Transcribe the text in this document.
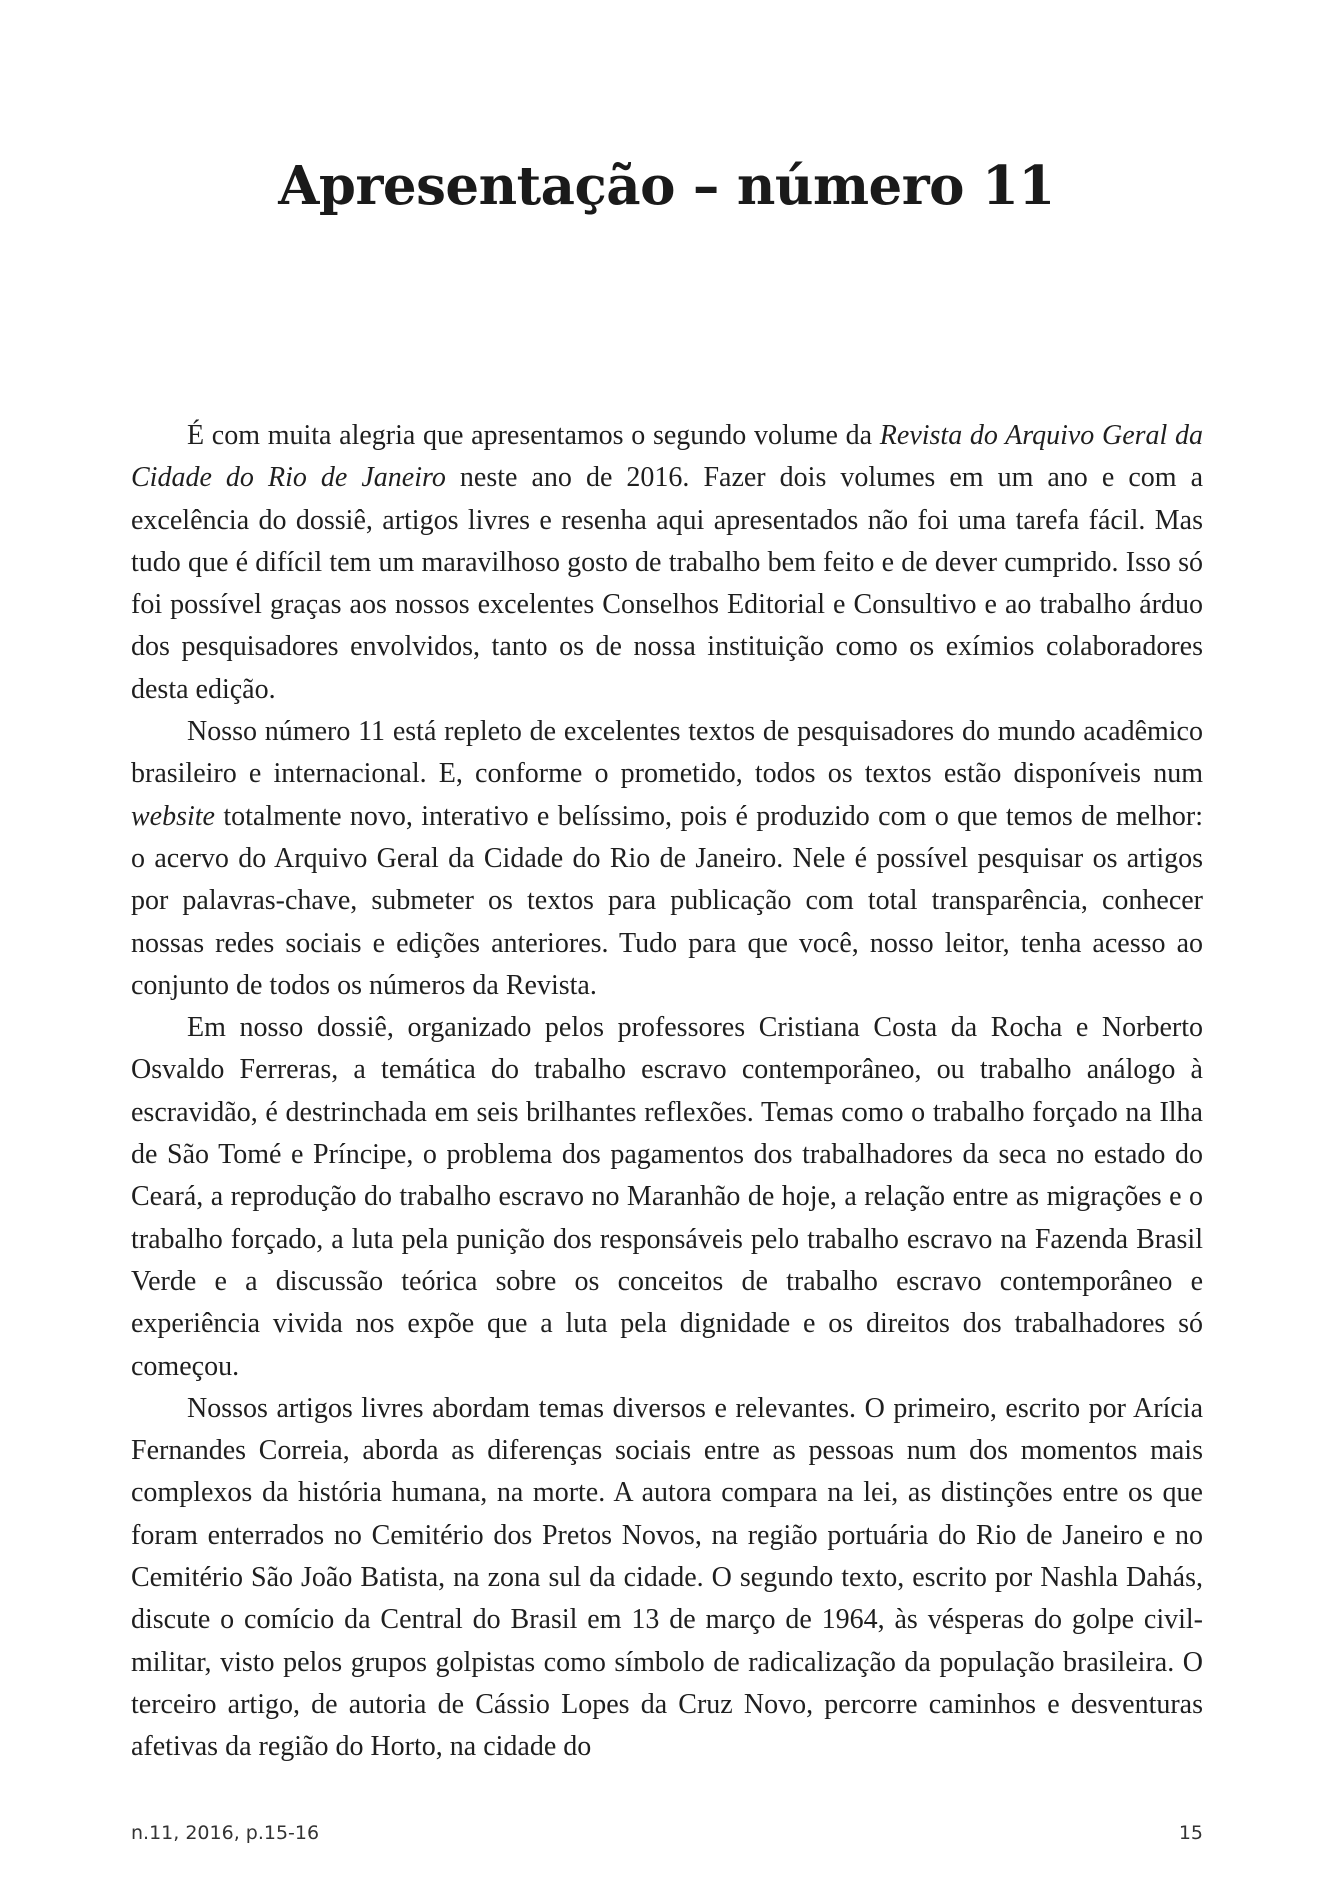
Apresentação – número 11

É com muita alegria que apresentamos o segundo volume da Revista do Arquivo Geral da Cidade do Rio de Janeiro neste ano de 2016. Fazer dois volumes em um ano e com a excelência do dossiê, artigos livres e resenha aqui apresentados não foi uma tarefa fácil. Mas tudo que é difícil tem um maravilhoso gosto de trabalho bem feito e de dever cumprido. Isso só foi possível graças aos nossos excelentes Conselhos Editorial e Consultivo e ao trabalho árduo dos pesquisadores envolvidos, tanto os de nossa instituição como os exímios colaboradores desta edição.

Nosso número 11 está repleto de excelentes textos de pesquisadores do mundo acadêmico brasileiro e internacional. E, conforme o prometido, todos os textos estão disponíveis num website totalmente novo, interativo e belíssimo, pois é produzido com o que temos de melhor: o acervo do Arquivo Geral da Cidade do Rio de Janeiro. Nele é possível pesquisar os artigos por palavras-chave, submeter os textos para publicação com total transparência, conhecer nossas redes sociais e edições anteriores. Tudo para que você, nosso leitor, tenha acesso ao conjunto de todos os números da Revista.

Em nosso dossiê, organizado pelos professores Cristiana Costa da Rocha e Norberto Osvaldo Ferreras, a temática do trabalho escravo contemporâneo, ou trabalho análogo à escravidão, é destrinchada em seis brilhantes reflexões. Temas como o trabalho forçado na Ilha de São Tomé e Príncipe, o problema dos pagamentos dos trabalhadores da seca no estado do Ceará, a reprodução do trabalho escravo no Maranhão de hoje, a relação entre as migrações e o trabalho forçado, a luta pela punição dos responsáveis pelo trabalho escravo na Fazenda Brasil Verde e a discussão teórica sobre os conceitos de trabalho escravo contemporâneo e experiência vivida nos expõe que a luta pela dignidade e os direitos dos trabalhadores só começou.

Nossos artigos livres abordam temas diversos e relevantes. O primeiro, escrito por Arícia Fernandes Correia, aborda as diferenças sociais entre as pessoas num dos momentos mais complexos da história humana, na morte. A autora compara na lei, as distinções entre os que foram enterrados no Cemitério dos Pretos Novos, na região portuária do Rio de Janeiro e no Cemitério São João Batista, na zona sul da cidade. O segundo texto, escrito por Nashla Dahás, discute o comício da Central do Brasil em 13 de março de 1964, às vésperas do golpe civil-militar, visto pelos grupos golpistas como símbolo de radicalização da população brasileira. O terceiro artigo, de autoria de Cássio Lopes da Cruz Novo, percorre caminhos e desventuras afetivas da região do Horto, na cidade do

n.11, 2016, p.15-16	15
